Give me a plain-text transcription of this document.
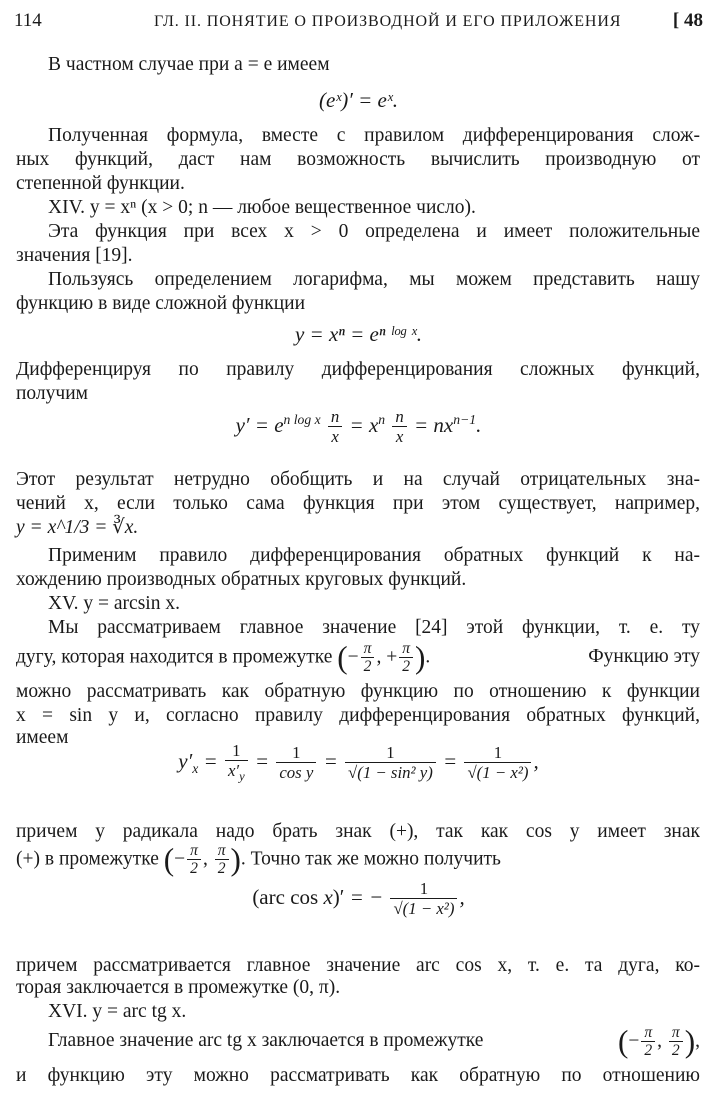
114	ГЛ. II. ПОНЯТИЕ О ПРОИЗВОДНОЙ И ЕГО ПРИЛОЖЕНИЯ	[ 48
В частном случае при a = e имеем
(eˣ)′ = eˣ.
Полученная формула, вместе с правилом дифференцирования слож-
ных функций, даст нам возможность вычислить производную от
степенной функции.
XIV. y = xⁿ (x > 0; n — любое вещественное число).
Эта функция при всех x > 0 определена и имеет положительные
значения [19].
Пользуясь определением логарифма, мы можем представить нашу
функцию в виде сложной функции
y = xⁿ = eⁿ ˡᵒᵍ ˣ.
Дифференцируя по правилу дифференцирования сложных функций,
получим
$y' = e^{n log x} \frac{n}{x} = x^n \frac{n}{x} = nx^{n-1}$.
Этот результат нетрудно обобщить и на случай отрицательных зна-
чений x, если только сама функция при этом существует, например,
y = x^1/3 = ∛x.
Применим правило дифференцирования обратных функций к на-
хождению производных обратных круговых функций.
XV. y = arcsin x.
Мы рассматриваем главное значение [24] этой функции, т. е. ту
дугу, которая находится в промежутке (− $\frac{\pi}{2}$ , + $\frac{\pi}{2}$ ).	Функцию эту
можно рассматривать как обратную функцию по отношению к функции
x = sin y и, согласно правилу дифференцирования обратных функций,
имеем
$y'_x = \frac{1}{x'_y} = \frac{1}{\text{cos y}} = \frac{1}{\text{√(1 − sin² y)}} = \frac{1}{\text{√(1 − x²)}}$ ,
причем у радикала надо брать знак (+), так как cos y имеет знак
(+) в промежутке (− $\frac{\pi}{2}$ , $\frac{\pi}{2}$ ). Точно так же можно получить
(arc cos x)′ = − $\frac{1}{\text{√(1 − x²)}}$ ,
причем рассматривается главное значение arc cos x, т. е. та дуга, ко-
торая заключается в промежутке (0, π).
XVI. y = arc tg x.
Главное значение arc tg x заключается в промежутке	(− $\frac{\pi}{2}$ , $\frac{\pi}{2}$ ),
и функцию эту можно рассматривать как обратную по отношению
